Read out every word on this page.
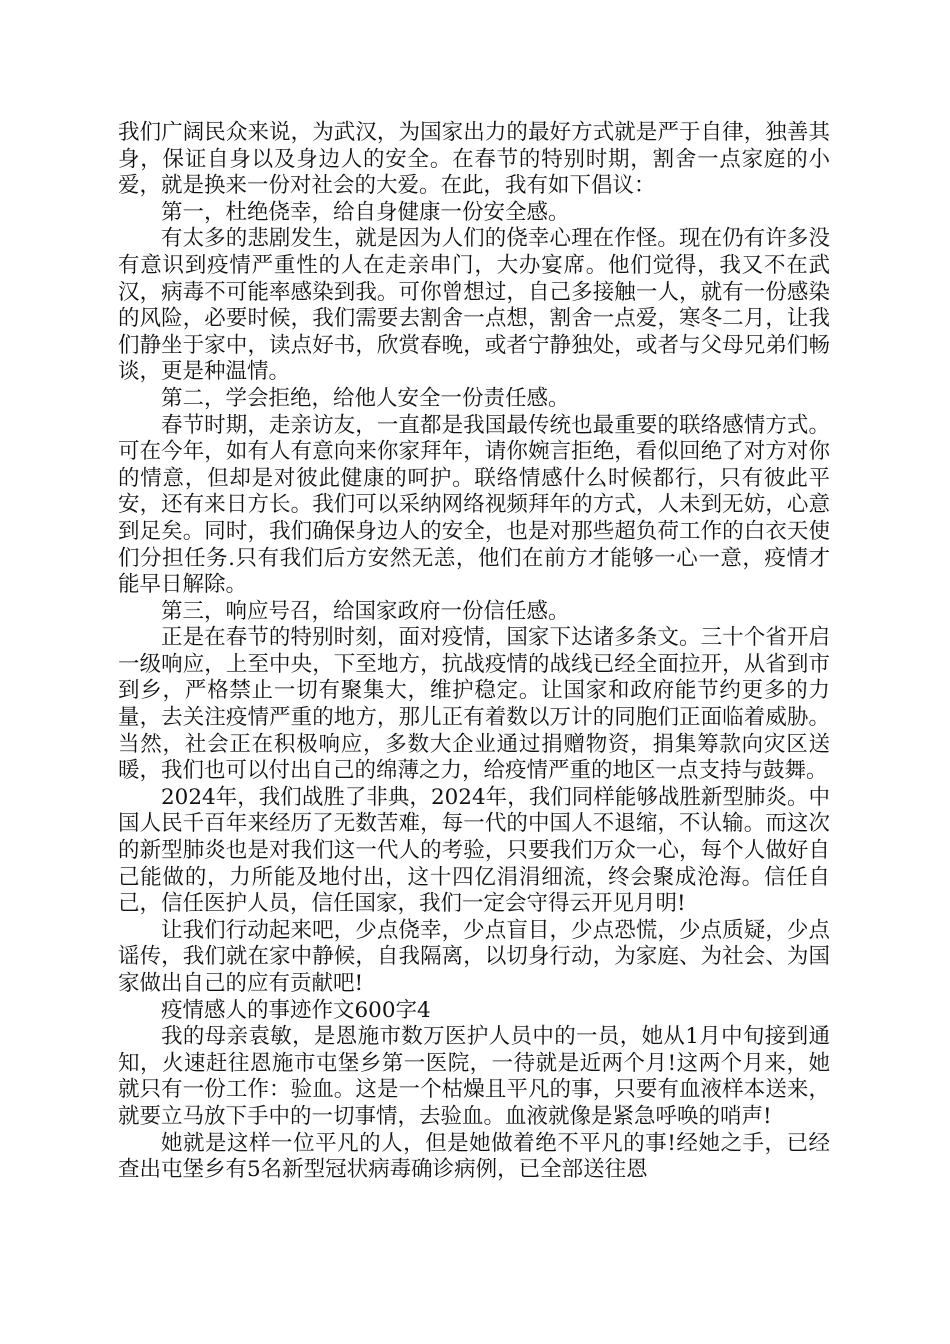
我们广阔民众来说，为武汉，为国家出力的最好方式就是严于自律，独善其身，保证自身以及身边人的安全。在春节的特别时期，割舍一点家庭的小爱，就是换来一份对社会的大爱。在此，我有如下倡议：

第一，杜绝侥幸，给自身健康一份安全感。

有太多的悲剧发生，就是因为人们的侥幸心理在作怪。现在仍有许多没有意识到疫情严重性的人在走亲串门，大办宴席。他们觉得，我又不在武汉，病毒不可能率感染到我。可你曾想过，自己多接触一人，就有一份感染的风险，必要时候，我们需要去割舍一点想，割舍一点爱，寒冬二月，让我们静坐于家中，读点好书，欣赏春晚，或者宁静独处，或者与父母兄弟们畅谈，更是种温情。

第二，学会拒绝，给他人安全一份责任感。

春节时期，走亲访友，一直都是我国最传统也最重要的联络感情方式。可在今年，如有人有意向来你家拜年，请你婉言拒绝，看似回绝了对方对你的情意，但却是对彼此健康的呵护。联络情感什么时候都行，只有彼此平安，还有来日方长。我们可以采纳网络视频拜年的方式，人未到无妨，心意到足矣。同时，我们确保身边人的安全，也是对那些超负荷工作的白衣天使们分担任务.只有我们后方安然无恙，他们在前方才能够一心一意，疫情才能早日解除。

第三，响应号召，给国家政府一份信任感。

正是在春节的特别时刻，面对疫情，国家下达诸多条文。三十个省开启一级响应，上至中央，下至地方，抗战疫情的战线已经全面拉开，从省到市到乡，严格禁止一切有聚集大，维护稳定。让国家和政府能节约更多的力量，去关注疫情严重的地方，那儿正有着数以万计的同胞们正面临着威胁。当然，社会正在积极响应，多数大企业通过捐赠物资，捐集筹款向灾区送暖，我们也可以付出自己的绵薄之力，给疫情严重的地区一点支持与鼓舞。

2024年，我们战胜了非典，2024年，我们同样能够战胜新型肺炎。中国人民千百年来经历了无数苦难，每一代的中国人不退缩，不认输。而这次的新型肺炎也是对我们这一代人的考验，只要我们万众一心，每个人做好自己能做的，力所能及地付出，这十四亿涓涓细流，终会聚成沧海。信任自己，信任医护人员，信任国家，我们一定会守得云开见月明!

让我们行动起来吧，少点侥幸，少点盲目，少点恐慌，少点质疑，少点谣传，我们就在家中静候，自我隔离，以切身行动，为家庭、为社会、为国家做出自己的应有贡献吧!

疫情感人的事迹作文600字4

我的母亲袁敏，是恩施市数万医护人员中的一员，她从1月中旬接到通知，火速赶往恩施市屯堡乡第一医院，一待就是近两个月!这两个月来，她就只有一份工作：验血。这是一个枯燥且平凡的事，只要有血液样本送来，就要立马放下手中的一切事情，去验血。血液就像是紧急呼唤的哨声!

她就是这样一位平凡的人，但是她做着绝不平凡的事!经她之手，已经查出屯堡乡有5名新型冠状病毒确诊病例，已全部送往恩
